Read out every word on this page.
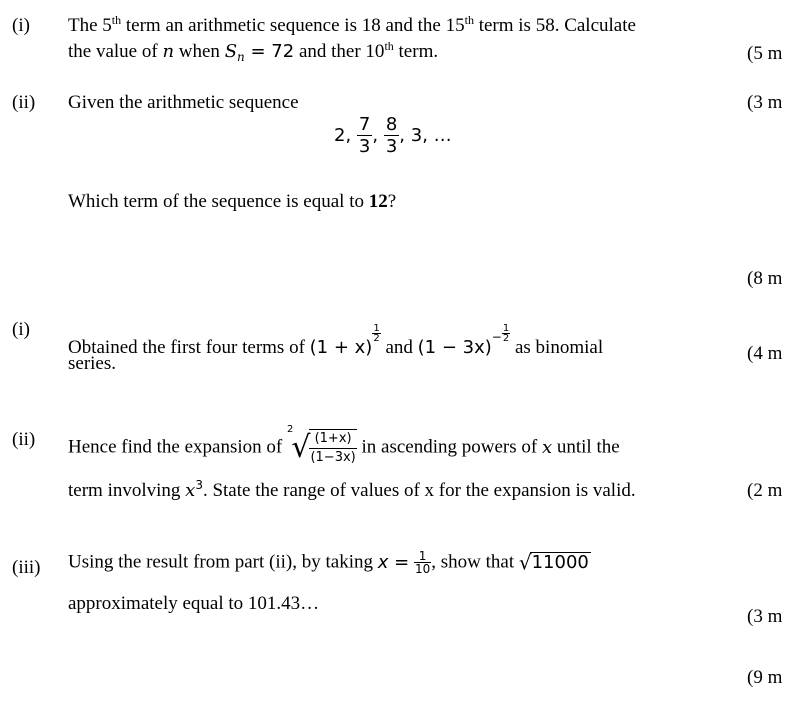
(i) The 5th term an arithmetic sequence is 18 and the 15th term is 58. Calculate
the value of n when $S_n = 72$ and ther 10th term.	(5 m
(ii) Given the arithmetic sequence	(3 m
2, $\frac{7}{3}$ , $\frac{8}{3}$ , 3, …
Which term of the sequence is equal to 12?
(8 m
(i)
Obtained the first four terms of (1 + x)
$\frac{1}{2}$
and $(1 - 3x)^- \frac{1}{2}$
as binomial
series.	(4 m
(ii) Hence find the expansion of $^2√ \frac{(1+x)}{(1-3x)}$ in ascending powers of x until the
term involving $x^3$. State the range of values of x for the expansion is valid.	(2 m
(iii) Using the result from part (ii), by taking $x = \frac{1}{10}$ , show that √11000
approximately equal to 101.43…
(3 m
(9 m
